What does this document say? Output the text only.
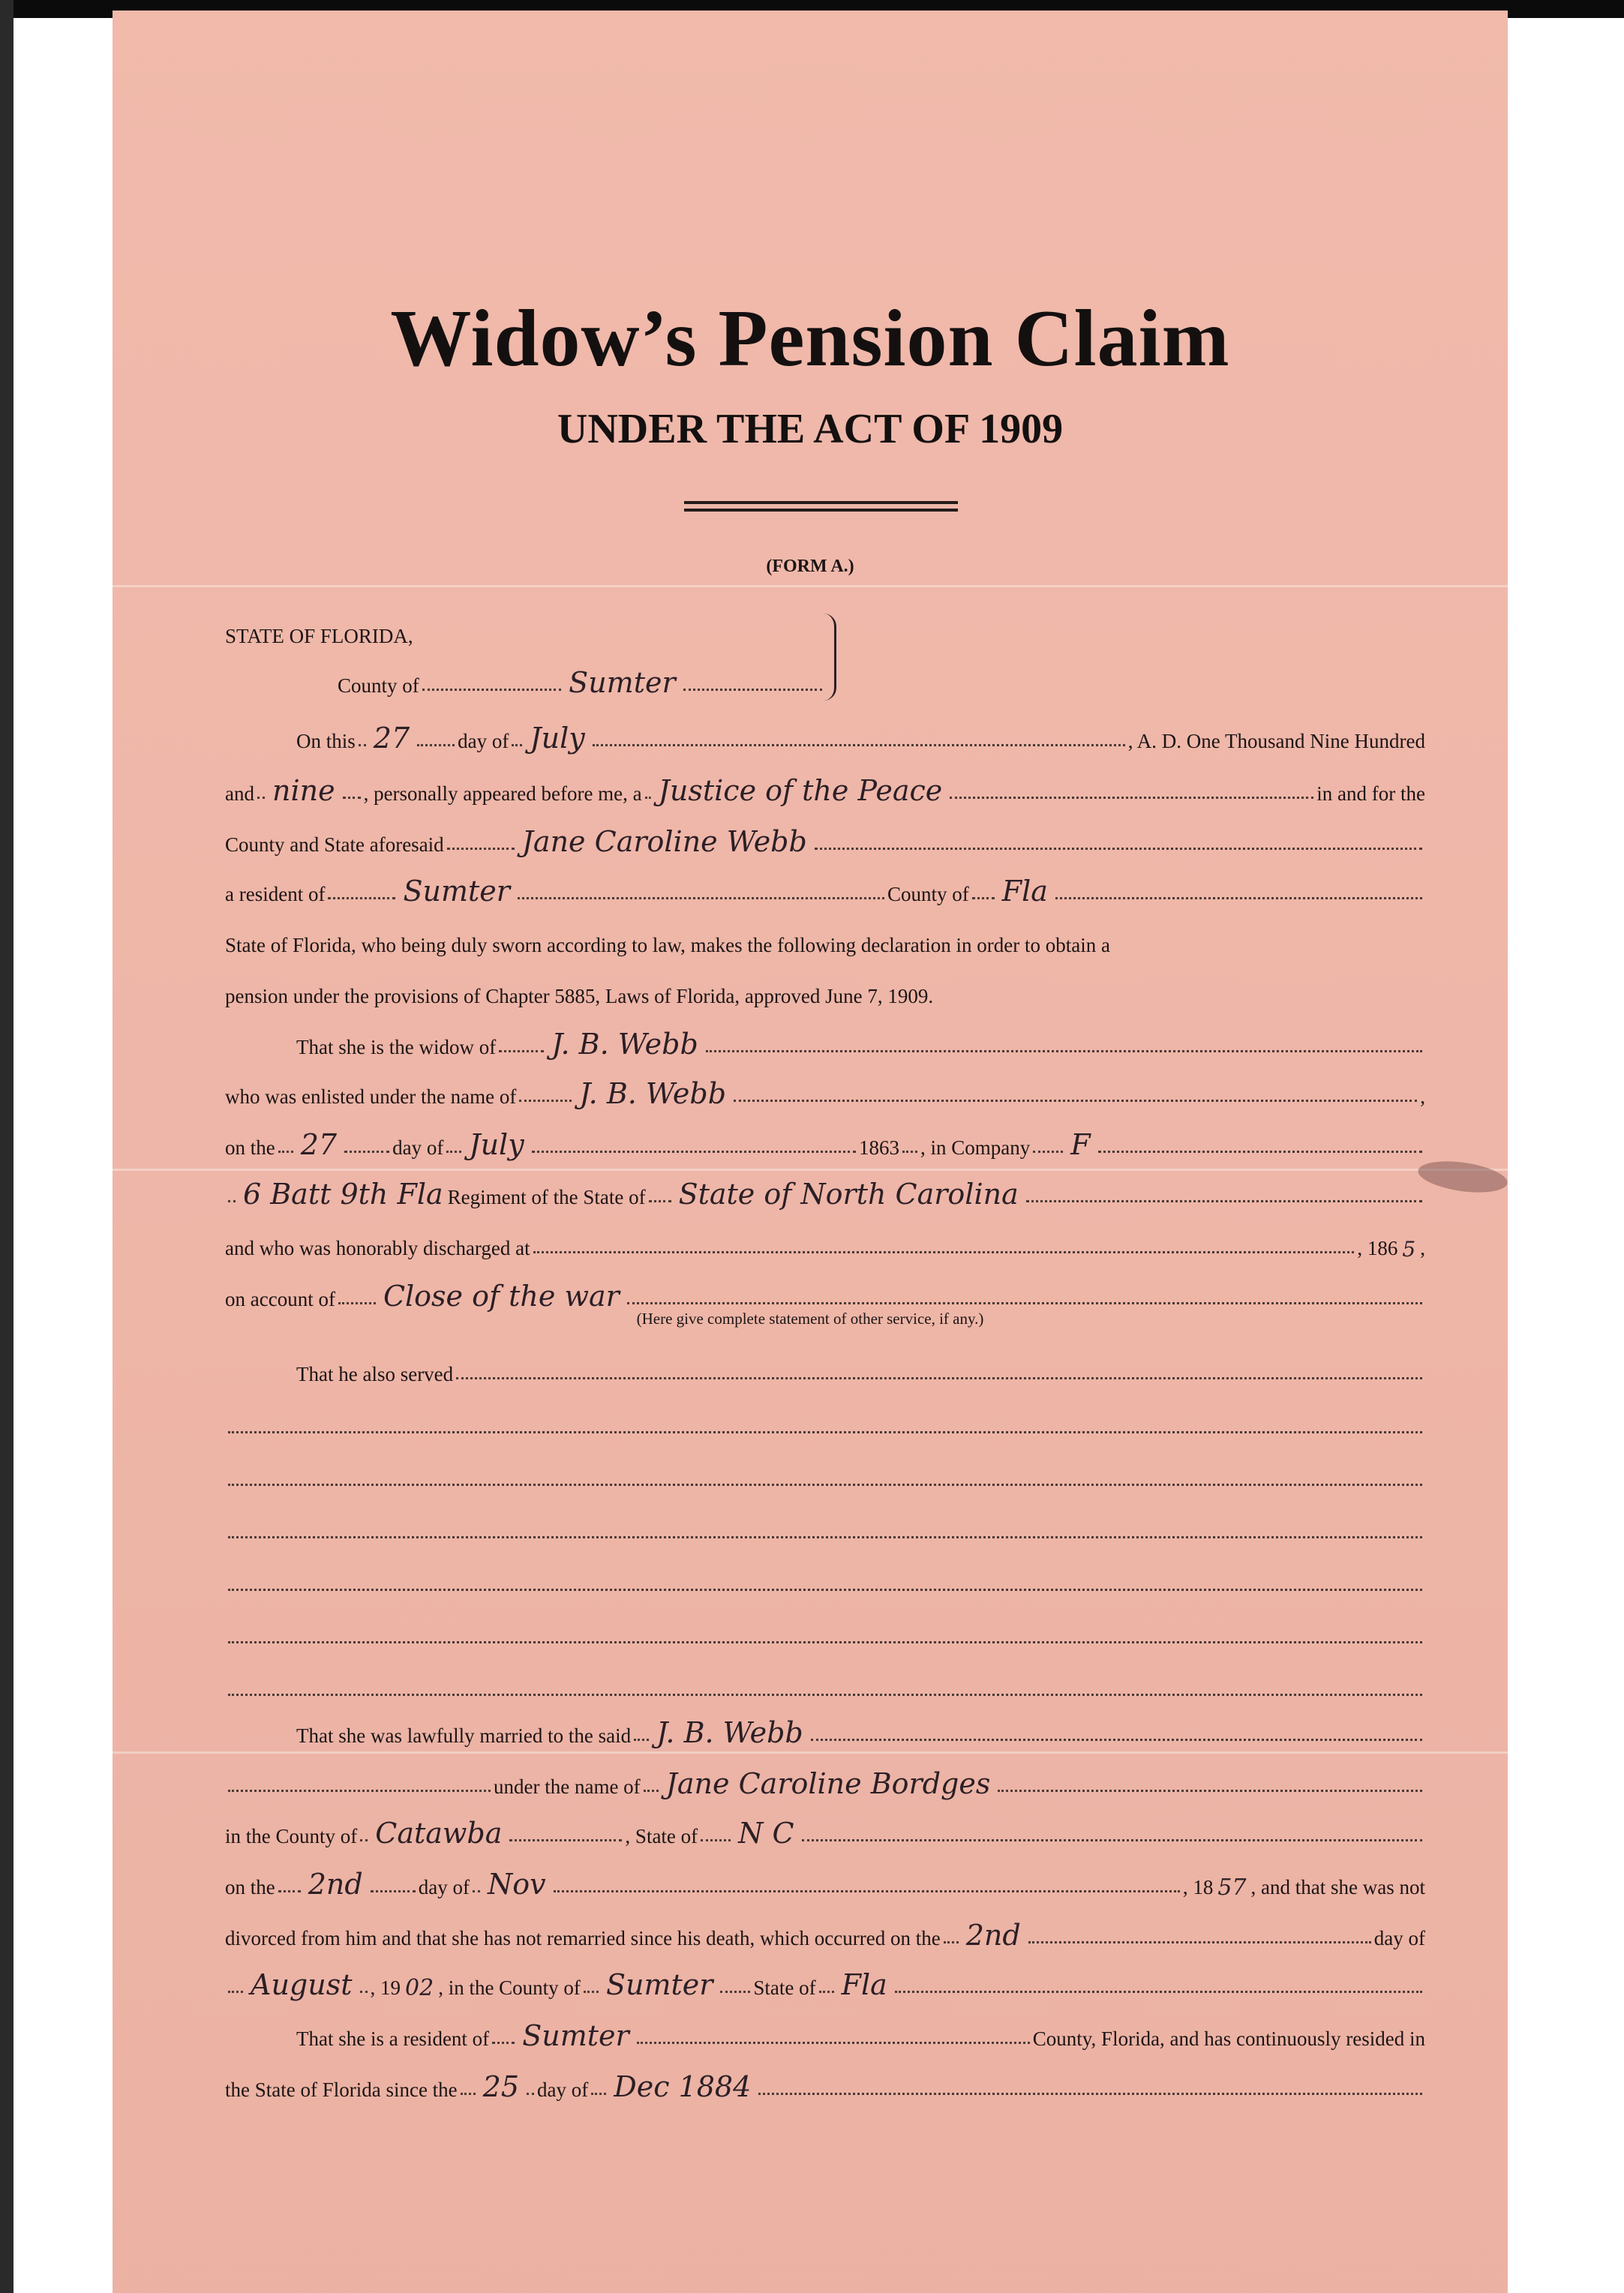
Widow’s Pension Claim
UNDER THE ACT OF 1909
(FORM A.)
STATE OF FLORIDA,
County of	Sumter
On this 27 day of July	, A. D. One Thousand Nine Hundred
and nine , personally appeared before me, a Justice of the Peace	in and for the
County and State aforesaid	Jane Caroline Webb
a resident of	Sumter	County of Fla
State of Florida, who being duly sworn according to law, makes the following declaration in order to obtain a
pension under the provisions of Chapter 5885, Laws of Florida, approved June 7, 1909.
That she is the widow of J. B. Webb
who was enlisted under the name of J. B. Webb	,
on the 27	day of July	1863 , in Company F
6 Batt 9th Fla Regiment of the State of State of North Carolina
and who was honorably discharged at	, 186 5 ,
on account of Close of the war
(Here give complete statement of other service, if any.)
That he also served
That she was lawfully married to the said J. B. Webb
under the name of Jane Caroline Bordges
in the County of Catawba	, State of N C
on the 2nd	day of Nov	, 18 57 , and that she was not
divorced from him and that she has not remarried since his death, which occurred on the 2nd	day of
August , 19 02 , in the County of Sumter State of Fla
That she is a resident of Sumter	County, Florida, and has continuously resided in
the State of Florida since the 25 day of Dec 1884
